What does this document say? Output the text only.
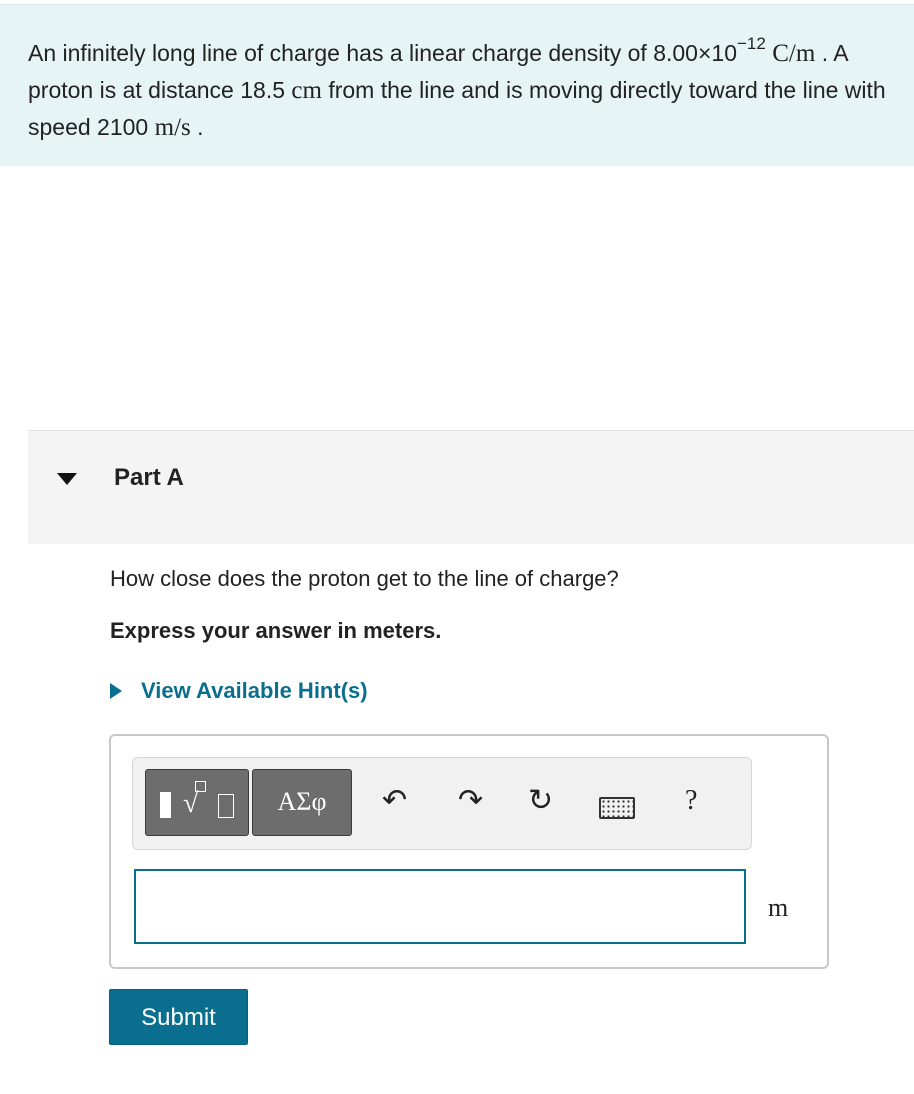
An infinitely long line of charge has a linear charge density of $8.00\times 10^{-12}$ C/m . A proton is at distance 18.5 cm from the line and is moving directly toward the line with speed 2100 m/s .
Part A
How close does the proton get to the line of charge?
Express your answer in meters.
View Available Hint(s)
√	ΑΣφ	↶ ↷ ↻	?
m
Submit
